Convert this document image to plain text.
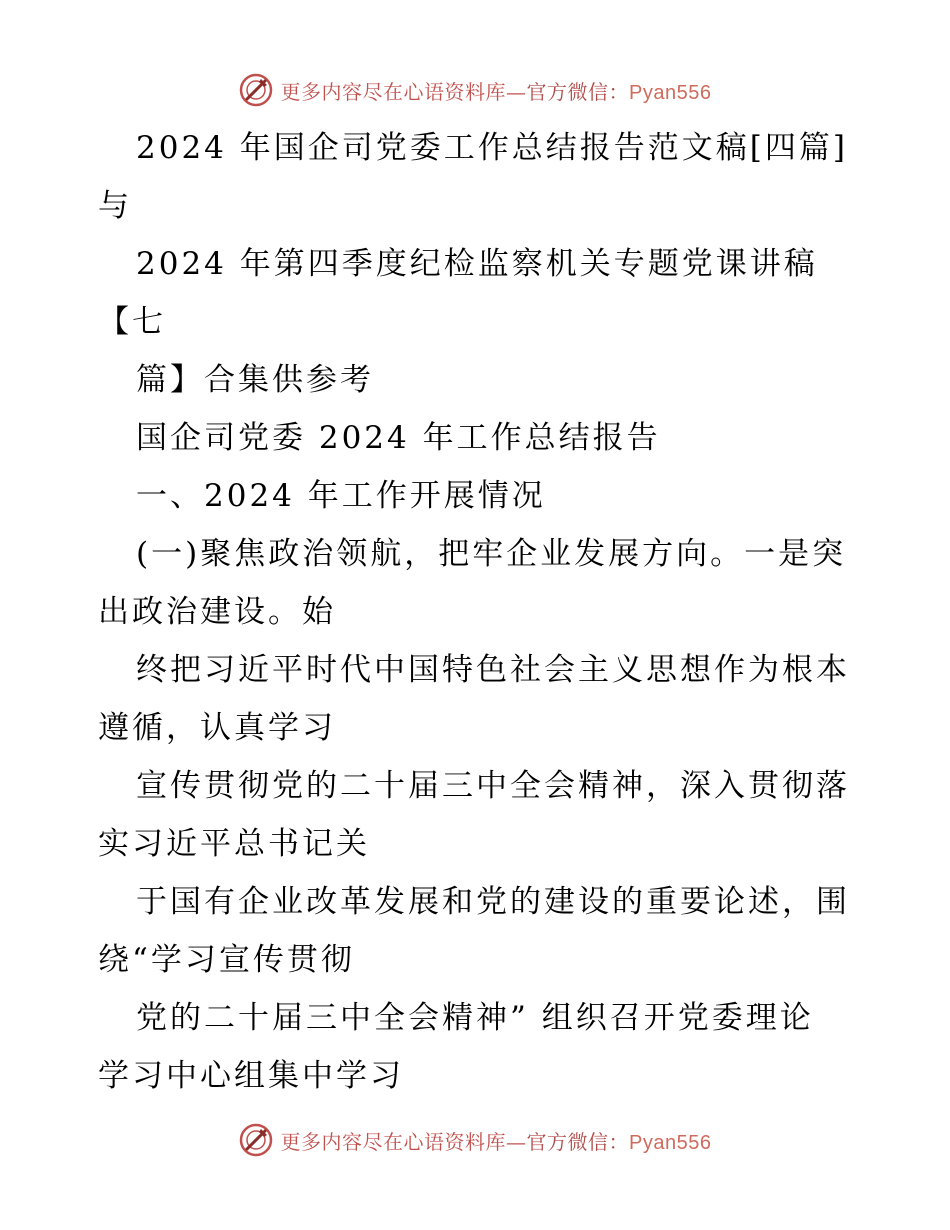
更多内容尽在心语资料库—官方微信：Pyan556
2024 年国企司党委工作总结报告范文稿[四篇]
与
2024 年第四季度纪检监察机关专题党课讲稿
【七
篇】合集供参考
国企司党委 2024 年工作总结报告
一、2024 年工作开展情况
(一)聚焦政治领航，把牢企业发展方向。一是突
出政治建设。始
终把习近平时代中国特色社会主义思想作为根本
遵循，认真学习
宣传贯彻党的二十届三中全会精神，深入贯彻落
实习近平总书记关
于国有企业改革发展和党的建设的重要论述，围
绕“学习宣传贯彻
党的二十届三中全会精神” 组织召开党委理论
学习中心组集中学习
更多内容尽在心语资料库—官方微信：Pyan556
